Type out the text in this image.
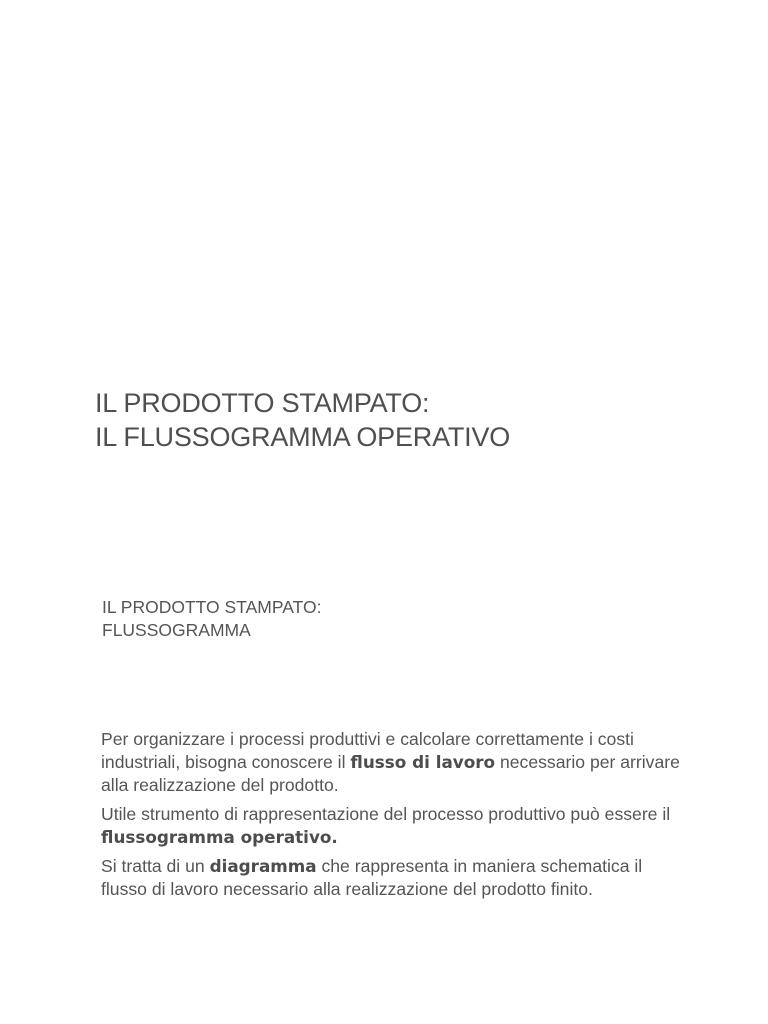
IL PRODOTTO STAMPATO:
IL FLUSSOGRAMMA OPERATIVO
IL PRODOTTO STAMPATO:
FLUSSOGRAMMA

Per organizzare i processi produttivi e calcolare correttamente i costi
industriali, bisogna conoscere il flusso di lavoro necessario per arrivare
alla realizzazione del prodotto.

Utile strumento di rappresentazione del processo produttivo può essere il
flussogramma operativo.

Si tratta di un diagramma che rappresenta in maniera schematica il
flusso di lavoro necessario alla realizzazione del prodotto finito.
